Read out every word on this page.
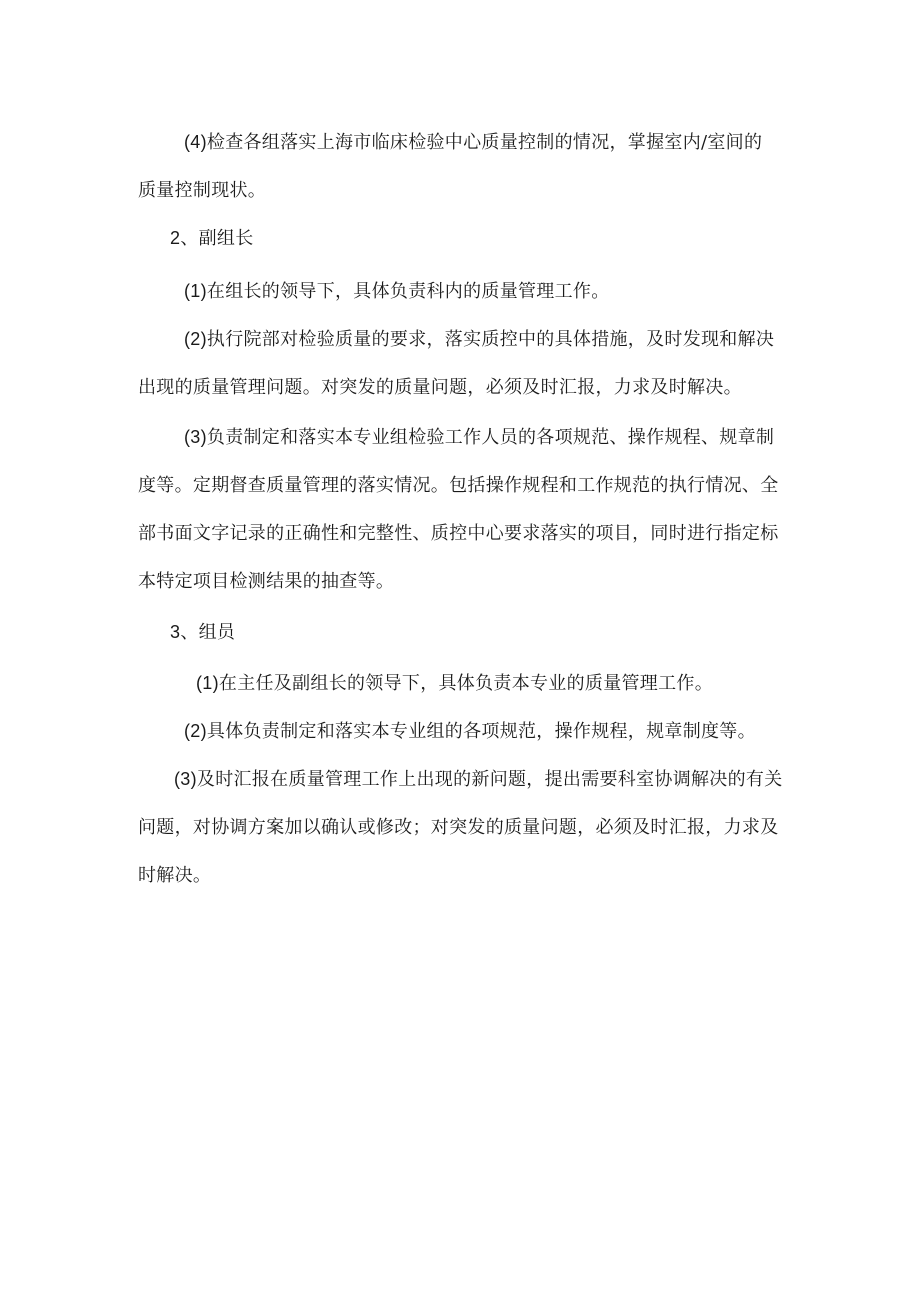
(4)检查各组落实上海市临床检验中心质量控制的情况，掌握室内/室间的
质量控制现状。

2、副组长

(1)在组长的领导下，具体负责科内的质量管理工作。

(2)执行院部对检验质量的要求，落实质控中的具体措施，及时发现和解决
出现的质量管理问题。对突发的质量问题，必须及时汇报，力求及时解决。

(3)负责制定和落实本专业组检验工作人员的各项规范、操作规程、规章制
度等。定期督查质量管理的落实情况。包括操作规程和工作规范的执行情况、全
部书面文字记录的正确性和完整性、质控中心要求落实的项目，同时进行指定标
本特定项目检测结果的抽查等。

3、组员

(1)在主任及副组长的领导下，具体负责本专业的质量管理工作。

(2)具体负责制定和落实本专业组的各项规范，操作规程，规章制度等。

(3)及时汇报在质量管理工作上出现的新问题，提出需要科室协调解决的有关
问题，对协调方案加以确认或修改；对突发的质量问题，必须及时汇报，力求及
时解决。
